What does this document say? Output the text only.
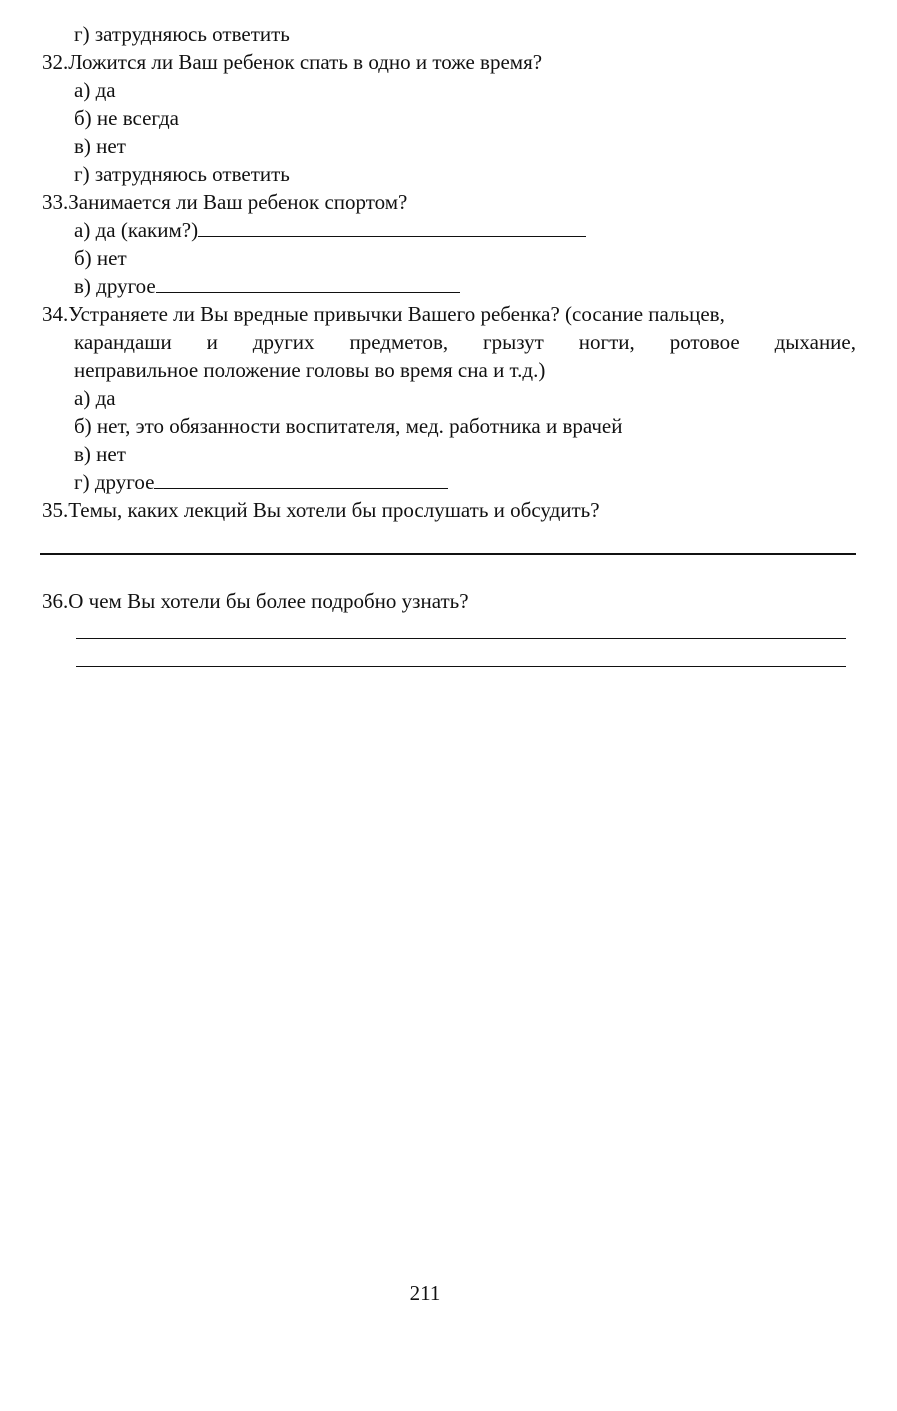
г) затрудняюсь ответить
32.Ложится ли Ваш ребенок спать в одно и тоже время?
а) да
б) не всегда
в) нет
г) затрудняюсь ответить
33.Занимается ли Ваш ребенок спортом?
а) да (каким?)
б) нет
в) другое
34.Устраняете ли Вы вредные привычки Вашего ребенка? (сосание пальцев,
карандаши и других предметов, грызут ногти, ротовое дыхание,
неправильное положение головы во время сна и т.д.)
а) да
б) нет, это обязанности воспитателя, мед. работника и врачей
в) нет
г) другое
35.Темы, каких лекций Вы хотели бы прослушать и обсудить?
36.О чем Вы хотели бы более подробно узнать?
211
